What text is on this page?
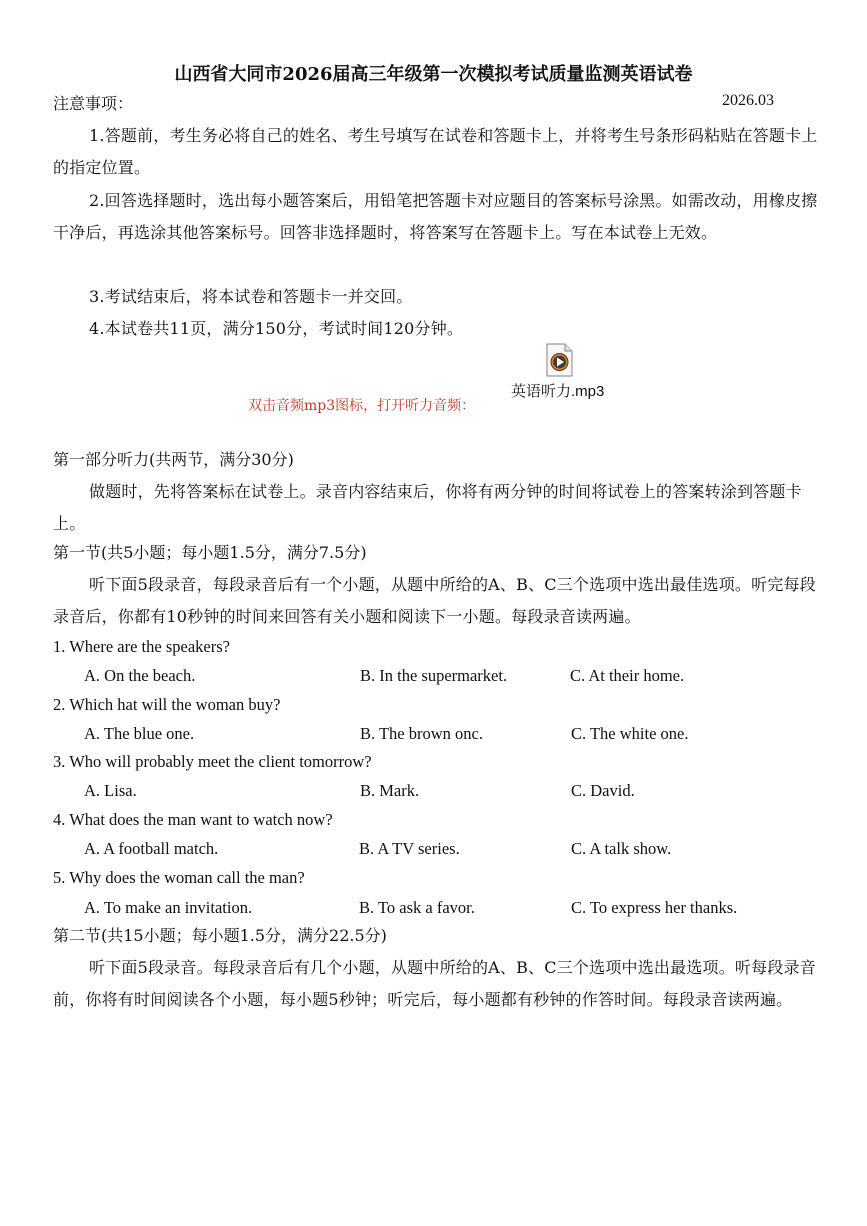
山西省大同市2026届高三年级第一次模拟考试质量监测英语试卷
注意事项：	2026.03
1.答题前，考生务必将自己的姓名、考生号填写在试卷和答题卡上，并将考生号条形码粘贴在答题卡上的指定位置。
2.回答选择题时，选出每小题答案后，用铅笔把答题卡对应题目的答案标号涂黑。如需改动，用橡皮擦干净后，再选涂其他答案标号。回答非选择题时，将答案写在答题卡上。写在本试卷上无效。
3.考试结束后，将本试卷和答题卡一并交回。
4.本试卷共11页，满分150分，考试时间120分钟。
英语听力.mp3
双击音频mp3图标，打开听力音频：
第一部分听力(共两节，满分30分)
做题时，先将答案标在试卷上。录音内容结束后，你将有两分钟的时间将试卷上的答案转涂到答题卡上。
第一节(共5小题；每小题1.5分，满分7.5分)
听下面5段录音，每段录音后有一个小题，从题中所给的A、B、C三个选项中选出最佳选项。听完每段录音后，你都有10秒钟的时间来回答有关小题和阅读下一小题。每段录音读两遍。
1. Where are the speakers?
A. On the beach.	B. In the supermarket.	C. At their home.
2. Which hat will the woman buy?
A. The blue one.	B. The brown onc.	C. The white one.
3. Who will probably meet the client tomorrow?
A. Lisa.	B. Mark.	C. David.
4. What does the man want to watch now?
A. A football match.	B. A TV series.	C. A talk show.
5. Why does the woman call the man?
A. To make an invitation.	B. To ask a favor.	C. To express her thanks.
第二节(共15小题；每小题1.5分，满分22.5分)
听下面5段录音。每段录音后有几个小题，从题中所给的A、B、C三个选项中选出最选项。听每段录音前，你将有时间阅读各个小题，每小题5秒钟；听完后，每小题都有秒钟的作答时间。每段录音读两遍。
